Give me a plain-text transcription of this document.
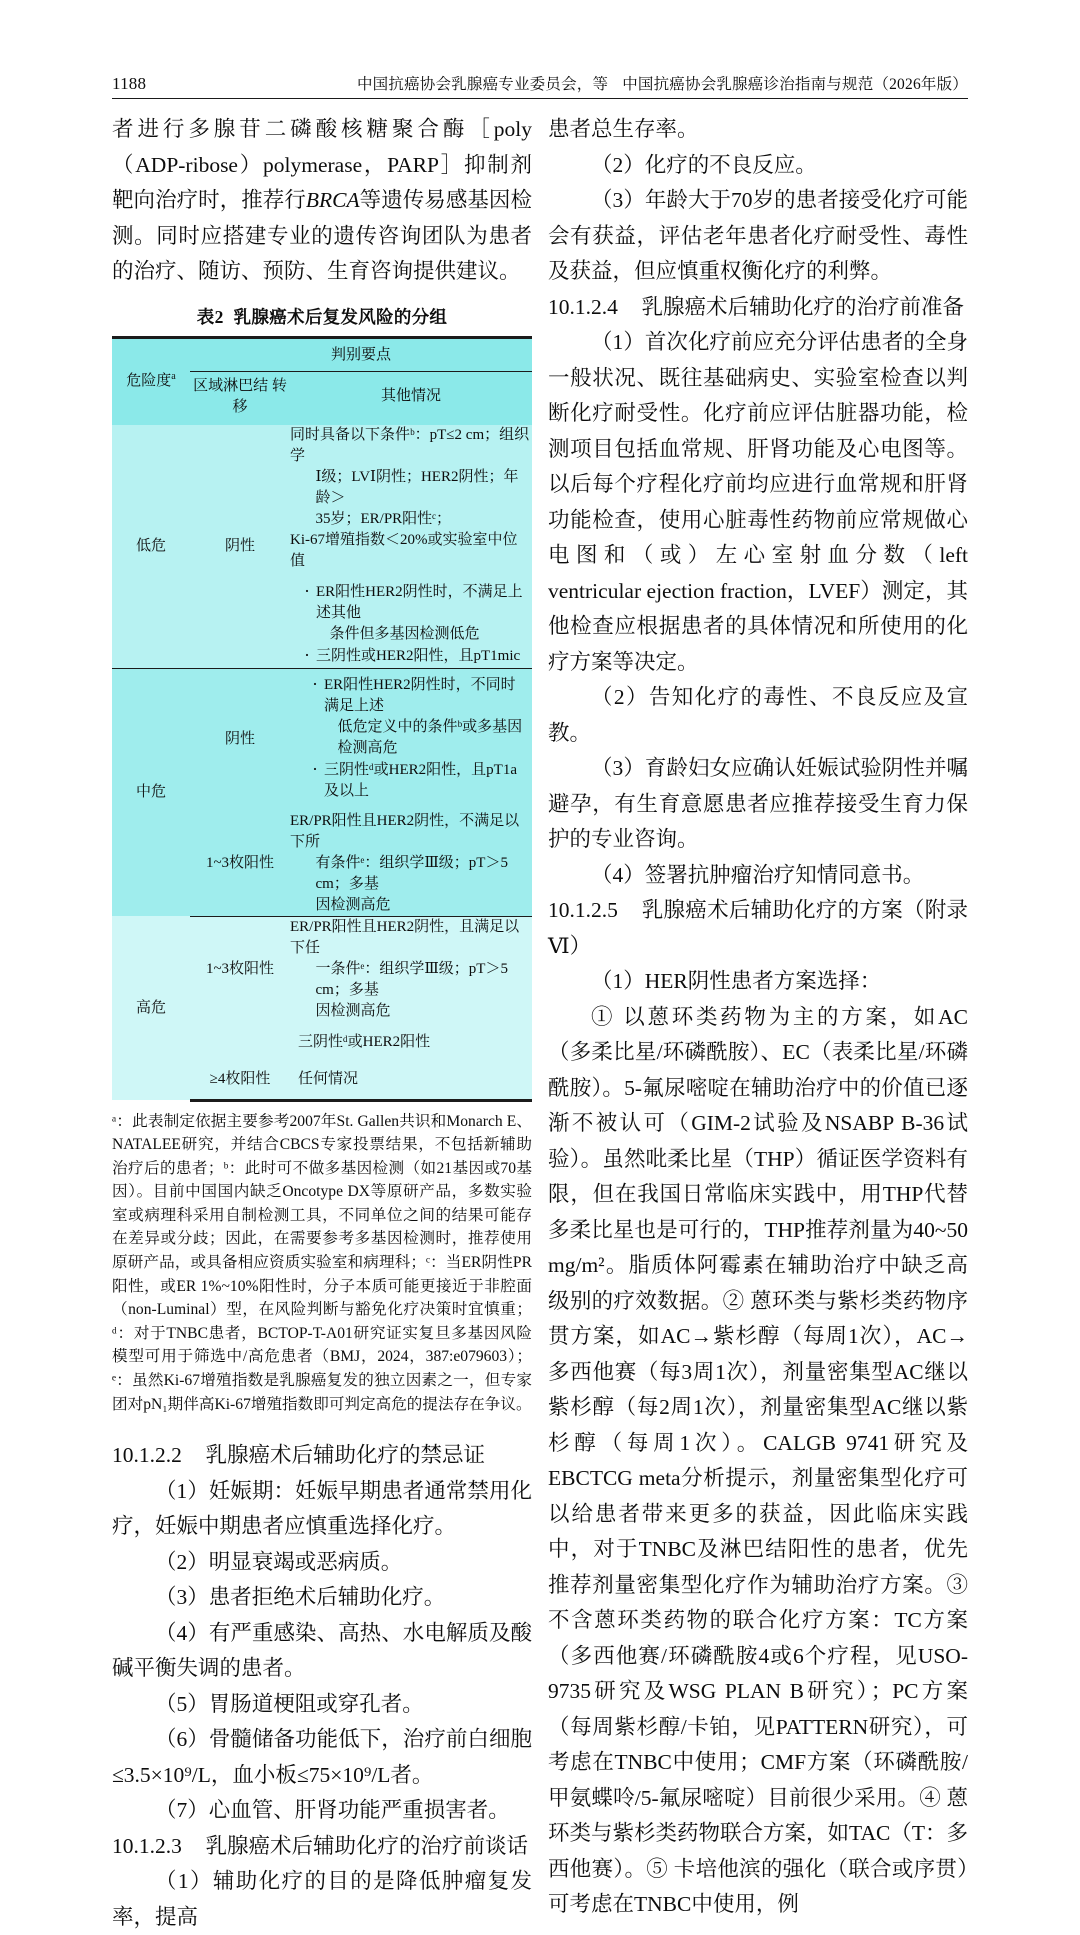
1188	中国抗癌协会乳腺癌专业委员会，等 中国抗癌协会乳腺癌诊治指南与规范（2026年版）

者进行多腺苷二磷酸核糖聚合酶［poly（ADP-ribose）polymerase，PARP］抑制剂靶向治疗时，推荐行BRCA等遗传易感基因检测。同时应搭建专业的遗传咨询团队为患者的治疗、随访、预防、生育咨询提供建议。

表2 乳腺癌术后复发风险的分组
危险度$^a$	判别要点	
	区域淋巴结 转移	其他情况
低危	阴性	
同时具备以下条件ᵇ：pT≤2 cm；组织学
Ⅰ级；LVⅠ阴性；HER2阴性；年龄＞
35岁；ER/PR阳性ᶜ；
Ki-67增殖指数＜20%或实验室中位值
· ER阳性HER2阴性时，不满足上述其他
条件但多基因检测低危
· 三阴性或HER2阳性，且pT1mic

中危	阴性	
· ER阳性HER2阴性时，不同时满足上述
低危定义中的条件ᵇ或多基因检测高危
· 三阴性ᵈ或HER2阳性，且pT1a及以上

	1~3枚阳性	ER/PR阳性且HER2阴性，不满足以下所
有条件ᵉ：组织学Ⅲ级；pT＞5 cm；多基
因检测高危

高危	1~3枚阳性	ER/PR阳性且HER2阴性，且满足以下任
一条件ᵉ：组织学Ⅲ级；pT＞5 cm；多基
因检测高危

		三阴性ᵈ或HER2阳性
	≥4枚阳性	任何情况
ᵃ：此表制定依据主要参考2007年St. Gallen共识和Monarch E、NATALEE研究，并结合CBCS专家投票结果，不包括新辅助治疗后的患者；ᵇ：此时可不做多基因检测（如21基因或70基因）。目前中国国内缺乏Oncotype DX等原研产品，多数实验室或病理科采用自制检测工具，不同单位之间的结果可能存在差异或分歧；因此，在需要参考多基因检测时，推荐使用原研产品，或具备相应资质实验室和病理科；ᶜ：当ER阴性PR阳性，或ER 1%~10%阳性时，分子本质可能更接近于非腔面（non-Luminal）型，在风险判断与豁免化疗决策时宜慎重；ᵈ：对于TNBC患者，BCTOP-T-A01研究证实复旦多基因风险模型可用于筛选中/高危患者（BMJ，2024，387:e079603）；ᵉ：虽然Ki-67增殖指数是乳腺癌复发的独立因素之一，但专家团对pN₁期伴高Ki-67增殖指数即可判定高危的提法存在争议。

10.1.2.2 乳腺癌术后辅助化疗的禁忌证

（1）妊娠期：妊娠早期患者通常禁用化疗，妊娠中期患者应慎重选择化疗。

（2）明显衰竭或恶病质。

（3）患者拒绝术后辅助化疗。

（4）有严重感染、高热、水电解质及酸碱平衡失调的患者。

（5）胃肠道梗阻或穿孔者。

（6）骨髓储备功能低下，治疗前白细胞≤3.5×10⁹/L，血小板≤75×10⁹/L者。

（7）心血管、肝肾功能严重损害者。

10.1.2.3 乳腺癌术后辅助化疗的治疗前谈话

（1）辅助化疗的目的是降低肿瘤复发率，提高

患者总生存率。

（2）化疗的不良反应。

（3）年龄大于70岁的患者接受化疗可能会有获益，评估老年患者化疗耐受性、毒性及获益，但应慎重权衡化疗的利弊。

10.1.2.4 乳腺癌术后辅助化疗的治疗前准备

（1）首次化疗前应充分评估患者的全身一般状况、既往基础病史、实验室检查以判断化疗耐受性。化疗前应评估脏器功能，检测项目包括血常规、肝肾功能及心电图等。以后每个疗程化疗前均应进行血常规和肝肾功能检查，使用心脏毒性药物前应常规做心电图和（或）左心室射血分数（left ventricular ejection fraction，LVEF）测定，其他检查应根据患者的具体情况和所使用的化疗方案等决定。

（2）告知化疗的毒性、不良反应及宣教。

（3）育龄妇女应确认妊娠试验阴性并嘱避孕，有生育意愿患者应推荐接受生育力保护的专业咨询。

（4）签署抗肿瘤治疗知情同意书。

10.1.2.5 乳腺癌术后辅助化疗的方案（附录Ⅵ）

（1）HER阴性患者方案选择：

① 以蒽环类药物为主的方案，如AC（多柔比星/环磷酰胺）、EC（表柔比星/环磷酰胺）。5-氟尿嘧啶在辅助治疗中的价值已逐渐不被认可（GIM-2试验及NSABP B-36试验）。虽然吡柔比星（THP）循证医学资料有限，但在我国日常临床实践中，用THP代替多柔比星也是可行的，THP推荐剂量为40~50 mg/m²。脂质体阿霉素在辅助治疗中缺乏高级别的疗效数据。② 蒽环类与紫杉类药物序贯方案，如AC→紫杉醇（每周1次），AC→多西他赛（每3周1次），剂量密集型AC继以紫杉醇（每2周1次），剂量密集型AC继以紫杉醇（每周1次）。CALGB 9741研究及EBCTCG meta分析提示，剂量密集型化疗可以给患者带来更多的获益，因此临床实践中，对于TNBC及淋巴结阳性的患者，优先推荐剂量密集型化疗作为辅助治疗方案。③ 不含蒽环类药物的联合化疗方案：TC方案（多西他赛/环磷酰胺4或6个疗程，见USO-9735研究及WSG PLAN B研究）；PC方案（每周紫杉醇/卡铂，见PATTERN研究），可考虑在TNBC中使用；CMF方案（环磷酰胺/甲氨蝶呤/5-氟尿嘧啶）目前很少采用。④ 蒽环类与紫杉类药物联合方案，如TAC（T：多西他赛）。⑤ 卡培他滨的强化（联合或序贯）可考虑在TNBC中使用，例
